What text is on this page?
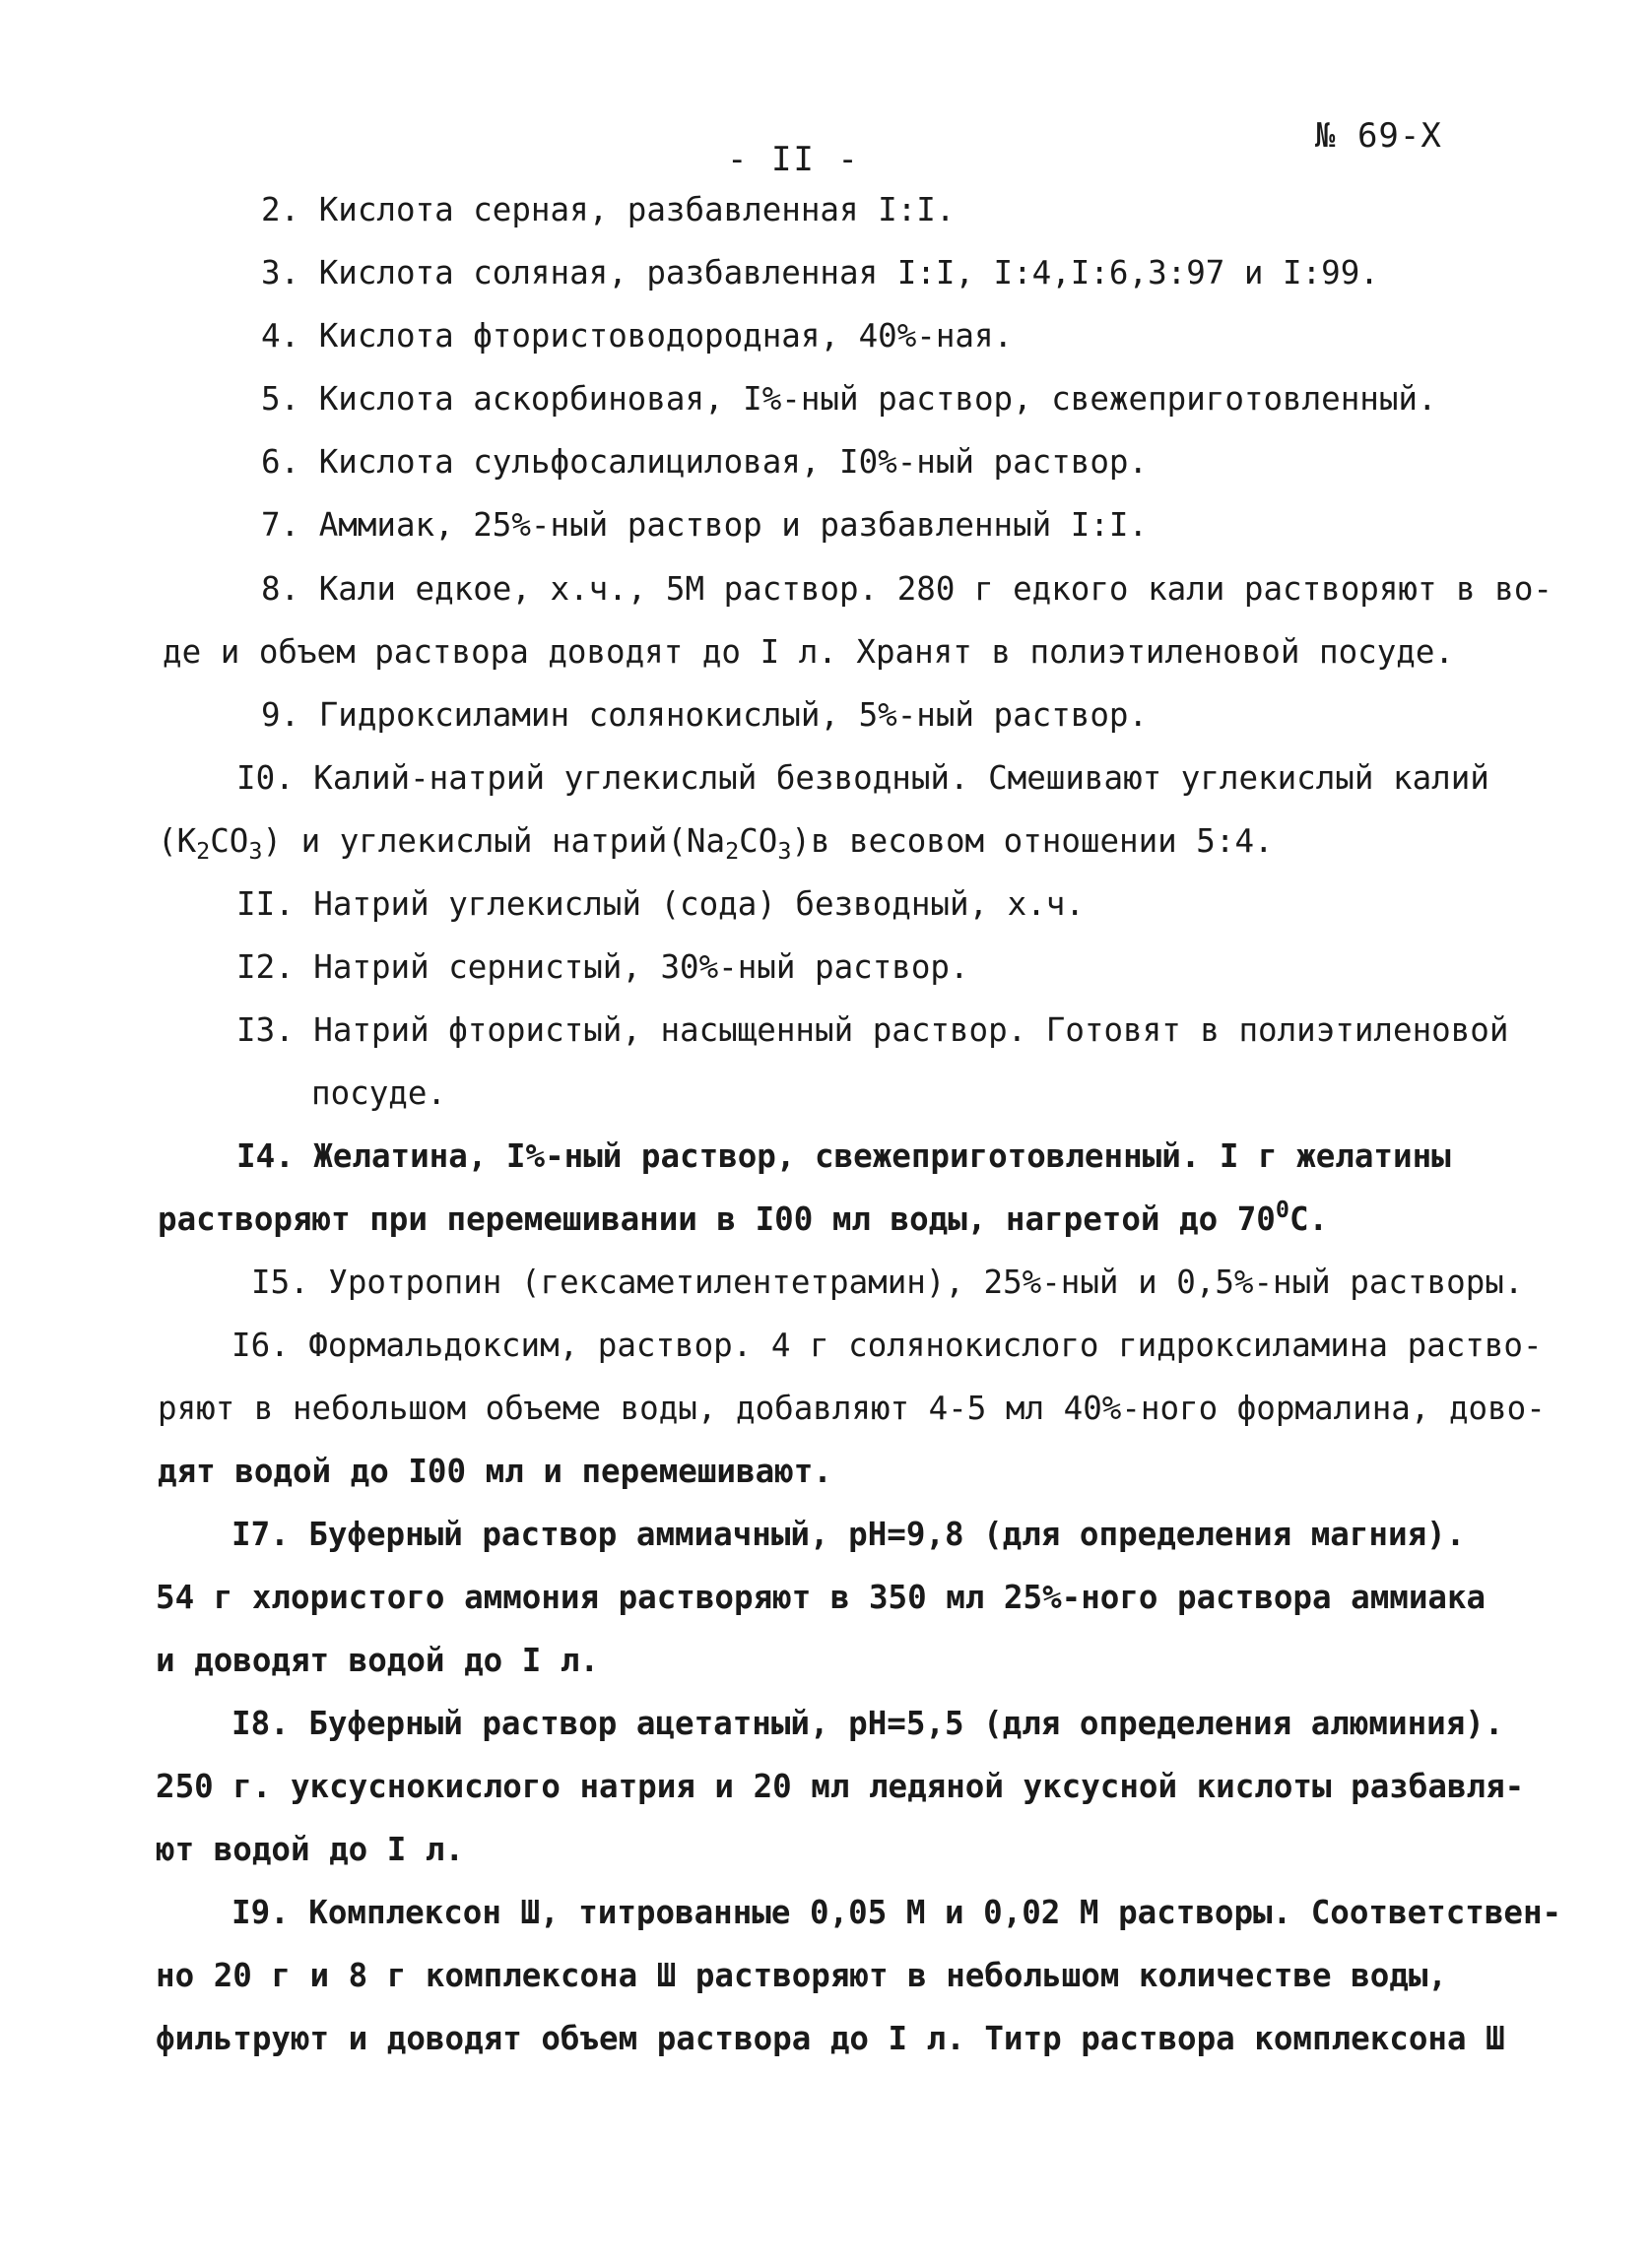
№ 69-Х
- II -
2. Кислота серная, разбавленная I:I.
3. Кислота соляная, разбавленная I:I, I:4,I:6,3:97 и I:99.
4. Кислота фтористоводородная, 40%-ная.
5. Кислота аскорбиновая, I%-ный раствор, свежеприготовленный.
6. Кислота сульфосалициловая, I0%-ный раствор.
7. Аммиак, 25%-ный раствор и разбавленный I:I.
8. Кали едкое, х.ч., 5М раствор. 280 г едкого кали растворяют в во-
де и объем раствора доводят до I л. Хранят в полиэтиленовой посуде.
9. Гидроксиламин солянокислый, 5%-ный раствор.
I0. Калий-натрий углекислый безводный. Смешивают углекислый калий
$(K_2CO_3)$ и углекислый $натрий(Na_2CO_3)в$ весовом отношении 5:4.
II. Натрий углекислый (сода) безводный, х.ч.
I2. Натрий сернистый, 30%-ный раствор.
I3. Натрий фтористый, насыщенный раствор. Готовят в полиэтиленовой
посуде.
I4. Желатина, I%-ный раствор, свежеприготовленный. I г желатины
растворяют при перемешивании в I00 мл воды, нагретой до $70^0С$.
I5. Уротропин (гексаметилентетрамин), 25%-ный и 0,5%-ный растворы.
I6. Формальдоксим, раствор. 4 г солянокислого гидроксиламина раство-
ряют в небольшом объеме воды, добавляют 4-5 мл 40%-ного формалина, дово-
дят водой до I00 мл и перемешивают.
I7. Буферный раствор аммиачный, рН=9,8 (для определения магния).
54 г хлористого аммония растворяют в 350 мл 25%-ного раствора аммиака
и доводят водой до I л.
I8. Буферный раствор ацетатный, рН=5,5 (для определения алюминия).
250 г. уксуснокислого натрия и 20 мл ледяной уксусной кислоты разбавля-
ют водой до I л.
I9. Комплексон Ш, титрованные 0,05 М и 0,02 М растворы. Соответствен-
но 20 г и 8 г комплексона Ш растворяют в небольшом количестве воды,
фильтруют и доводят объем раствора до I л. Титр раствора комплексона Ш
